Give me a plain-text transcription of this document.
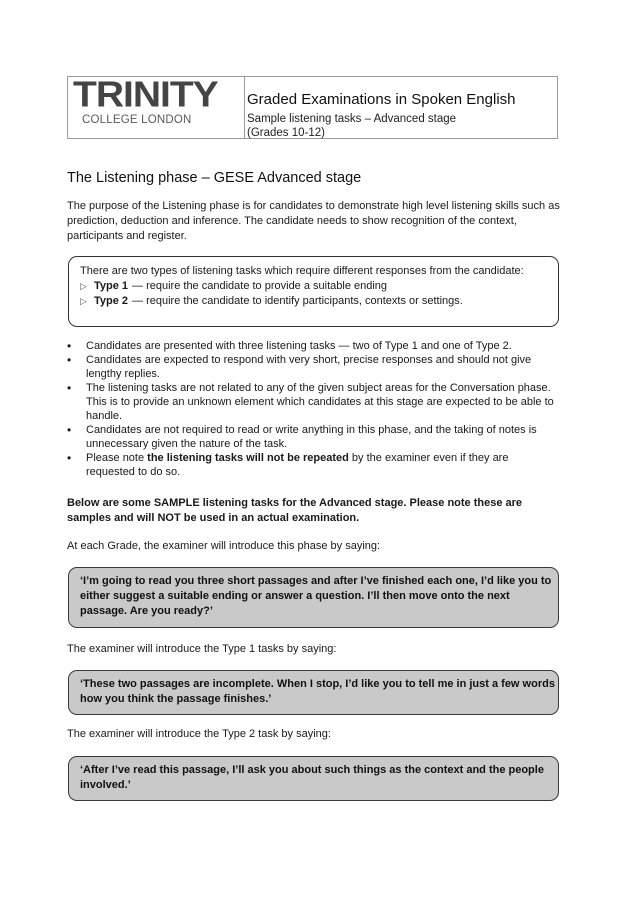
TRINITY
COLLEGE LONDON
Graded Examinations in Spoken English
Sample listening tasks – Advanced stage
(Grades 10-12)
The Listening phase – GESE Advanced stage

The purpose of the Listening phase is for candidates to demonstrate high level listening skills such as prediction, deduction and inference. The candidate needs to show recognition of the context, participants and register.

There are two types of listening tasks which require different responses from the candidate:
▷ Type 1 — require the candidate to provide a suitable ending
▷ Type 2 — require the candidate to identify participants, contexts or settings.
• Candidates are presented with three listening tasks — two of Type 1 and one of Type 2.
• Candidates are expected to respond with very short, precise responses and should not give lengthy replies.
• The listening tasks are not related to any of the given subject areas for the Conversation phase. This is to provide an unknown element which candidates at this stage are expected to be able to handle.
• Candidates are not required to read or write anything in this phase, and the taking of notes is unnecessary given the nature of the task.
• Please note the listening tasks will not be repeated by the examiner even if they are requested to do so.
Below are some SAMPLE listening tasks for the Advanced stage. Please note these are samples and will NOT be used in an actual examination.
At each Grade, the examiner will introduce this phase by saying:
‘I’m going to read you three short passages and after I’ve finished each one, I’d like you to either suggest a suitable ending or answer a question. I’ll then move onto the next passage. Are you ready?’
The examiner will introduce the Type 1 tasks by saying:
‘These two passages are incomplete. When I stop, I’d like you to tell me in just a few words how you think the passage finishes.’
The examiner will introduce the Type 2 task by saying:
‘After I’ve read this passage, I’ll ask you about such things as the context and the people involved.’
